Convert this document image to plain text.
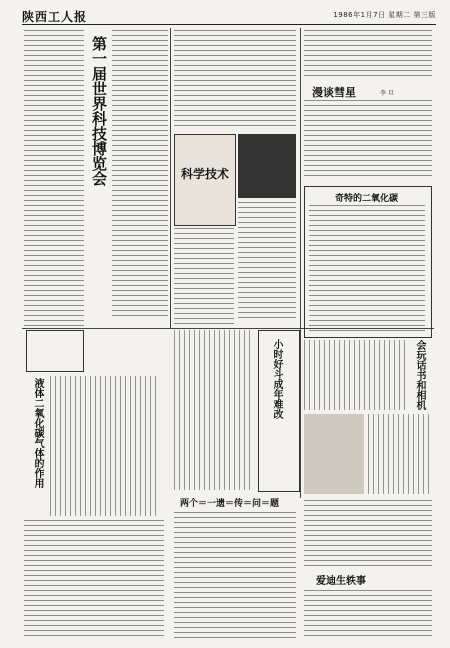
陕西工人报	1986年1月7日 星期二 第三版
第一届世界科技博览会
液体二氧化碳气体的作用
科学技术
漫谈彗星	李 旦
奇特的二氧化碳
小时好斗成年难改	会玩话书和相机
两个＝一遗＝传＝问＝题
爱迪生轶事
